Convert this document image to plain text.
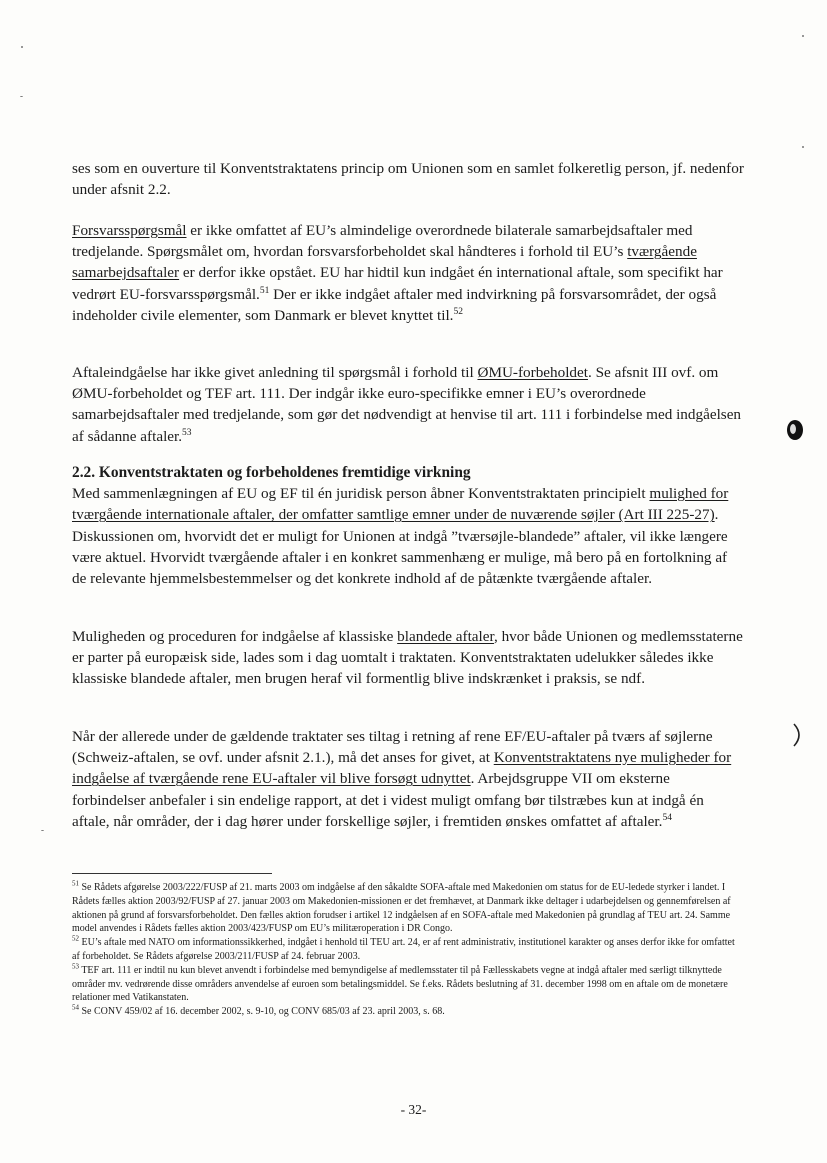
ses som en ouverture til Konventstraktatens princip om Unionen som en samlet folkeretlig person, jf. nedenfor under afsnit 2.2.

Forsvarsspørgsmål er ikke omfattet af EU’s almindelige overordnede bilaterale samarbejdsaftaler med tredjelande. Spørgsmålet om, hvordan forsvarsforbeholdet skal håndteres i forhold til EU’s tværgående samarbejdsaftaler er derfor ikke opstået. EU har hidtil kun indgået én international aftale, som specifikt har vedrørt EU-forsvarsspørgsmål.$^{51}$ Der er ikke indgået aftaler med indvirkning på forsvarsområdet, der også indeholder civile elementer, som Danmark er blevet knyttet til.$^{52}$

Aftaleindgåelse har ikke givet anledning til spørgsmål i forhold til ØMU-forbeholdet. Se afsnit III ovf. om ØMU-forbeholdet og TEF art. 111. Der indgår ikke euro-specifikke emner i EU’s overordnede samarbejdsaftaler med tredjelande, som gør det nødvendigt at henvise til art. 111 i forbindelse med indgåelsen af sådanne aftaler.$^{53}$

2.2. Konventstraktaten og forbeholdenes fremtidige virkning

Med sammenlægningen af EU og EF til én juridisk person åbner Konventstraktaten principielt mulighed for tværgående internationale aftaler, der omfatter samtlige emner under de nuværende søjler (Art III 225-27). Diskussionen om, hvorvidt det er muligt for Unionen at indgå ”tværsøjle-blandede” aftaler, vil ikke længere være aktuel. Hvorvidt tværgående aftaler i en konkret sammenhæng er mulige, må bero på en fortolkning af de relevante hjemmelsbestemmelser og det konkrete indhold af de påtænkte tværgående aftaler.

Muligheden og proceduren for indgåelse af klassiske blandede aftaler, hvor både Unionen og medlemsstaterne er parter på europæisk side, lades som i dag uomtalt i traktaten. Konventstraktaten udelukker således ikke klassiske blandede aftaler, men brugen heraf vil formentlig blive indskrænket i praksis, se ndf.

Når der allerede under de gældende traktater ses tiltag i retning af rene EF/EU-aftaler på tværs af søjlerne (Schweiz-aftalen, se ovf. under afsnit 2.1.), må det anses for givet, at Konventstraktatens nye muligheder for indgåelse af tværgående rene EU-aftaler vil blive forsøgt udnyttet. Arbejdsgruppe VII om eksterne forbindelser anbefaler i sin endelige rapport, at det i videst muligt omfang bør tilstræbes kun at indgå én aftale, når områder, der i dag hører under forskellige søjler, i fremtiden ønskes omfattet af aftaler.$^{54}$

$^{51}$ Se Rådets afgørelse 2003/222/FUSP af 21. marts 2003 om indgåelse af den såkaldte SOFA-aftale med Makedonien om status for de EU-ledede styrker i landet. I Rådets fælles aktion 2003/92/FUSP af 27. januar 2003 om Makedonien-missionen er det fremhævet, at Danmark ikke deltager i udarbejdelsen og gennemførelsen af aktionen på grund af forsvarsforbeholdet. Den fælles aktion forudser i artikel 12 indgåelsen af en SOFA-aftale med Makedonien på grundlag af TEU art. 24. Samme model anvendes i Rådets fælles aktion 2003/423/FUSP om EU’s militæroperation i DR Congo.

$^{52}$ EU’s aftale med NATO om informationssikkerhed, indgået i henhold til TEU art. 24, er af rent administrativ, institutionel karakter og anses derfor ikke for omfattet af forbeholdet. Se Rådets afgørelse 2003/211/FUSP af 24. februar 2003.

$^{53}$ TEF art. 111 er indtil nu kun blevet anvendt i forbindelse med bemyndigelse af medlemsstater til på Fællesskabets vegne at indgå aftaler med særligt tilknyttede områder mv. vedrørende disse områders anvendelse af euroen som betalingsmiddel. Se f.eks. Rådets beslutning af 31. december 1998 om en aftale om de monetære relationer med Vatikanstaten.

$^{54}$ Se CONV 459/02 af 16. december 2002, s. 9-10, og CONV 685/03 af 23. april 2003, s. 68.

- 32-
